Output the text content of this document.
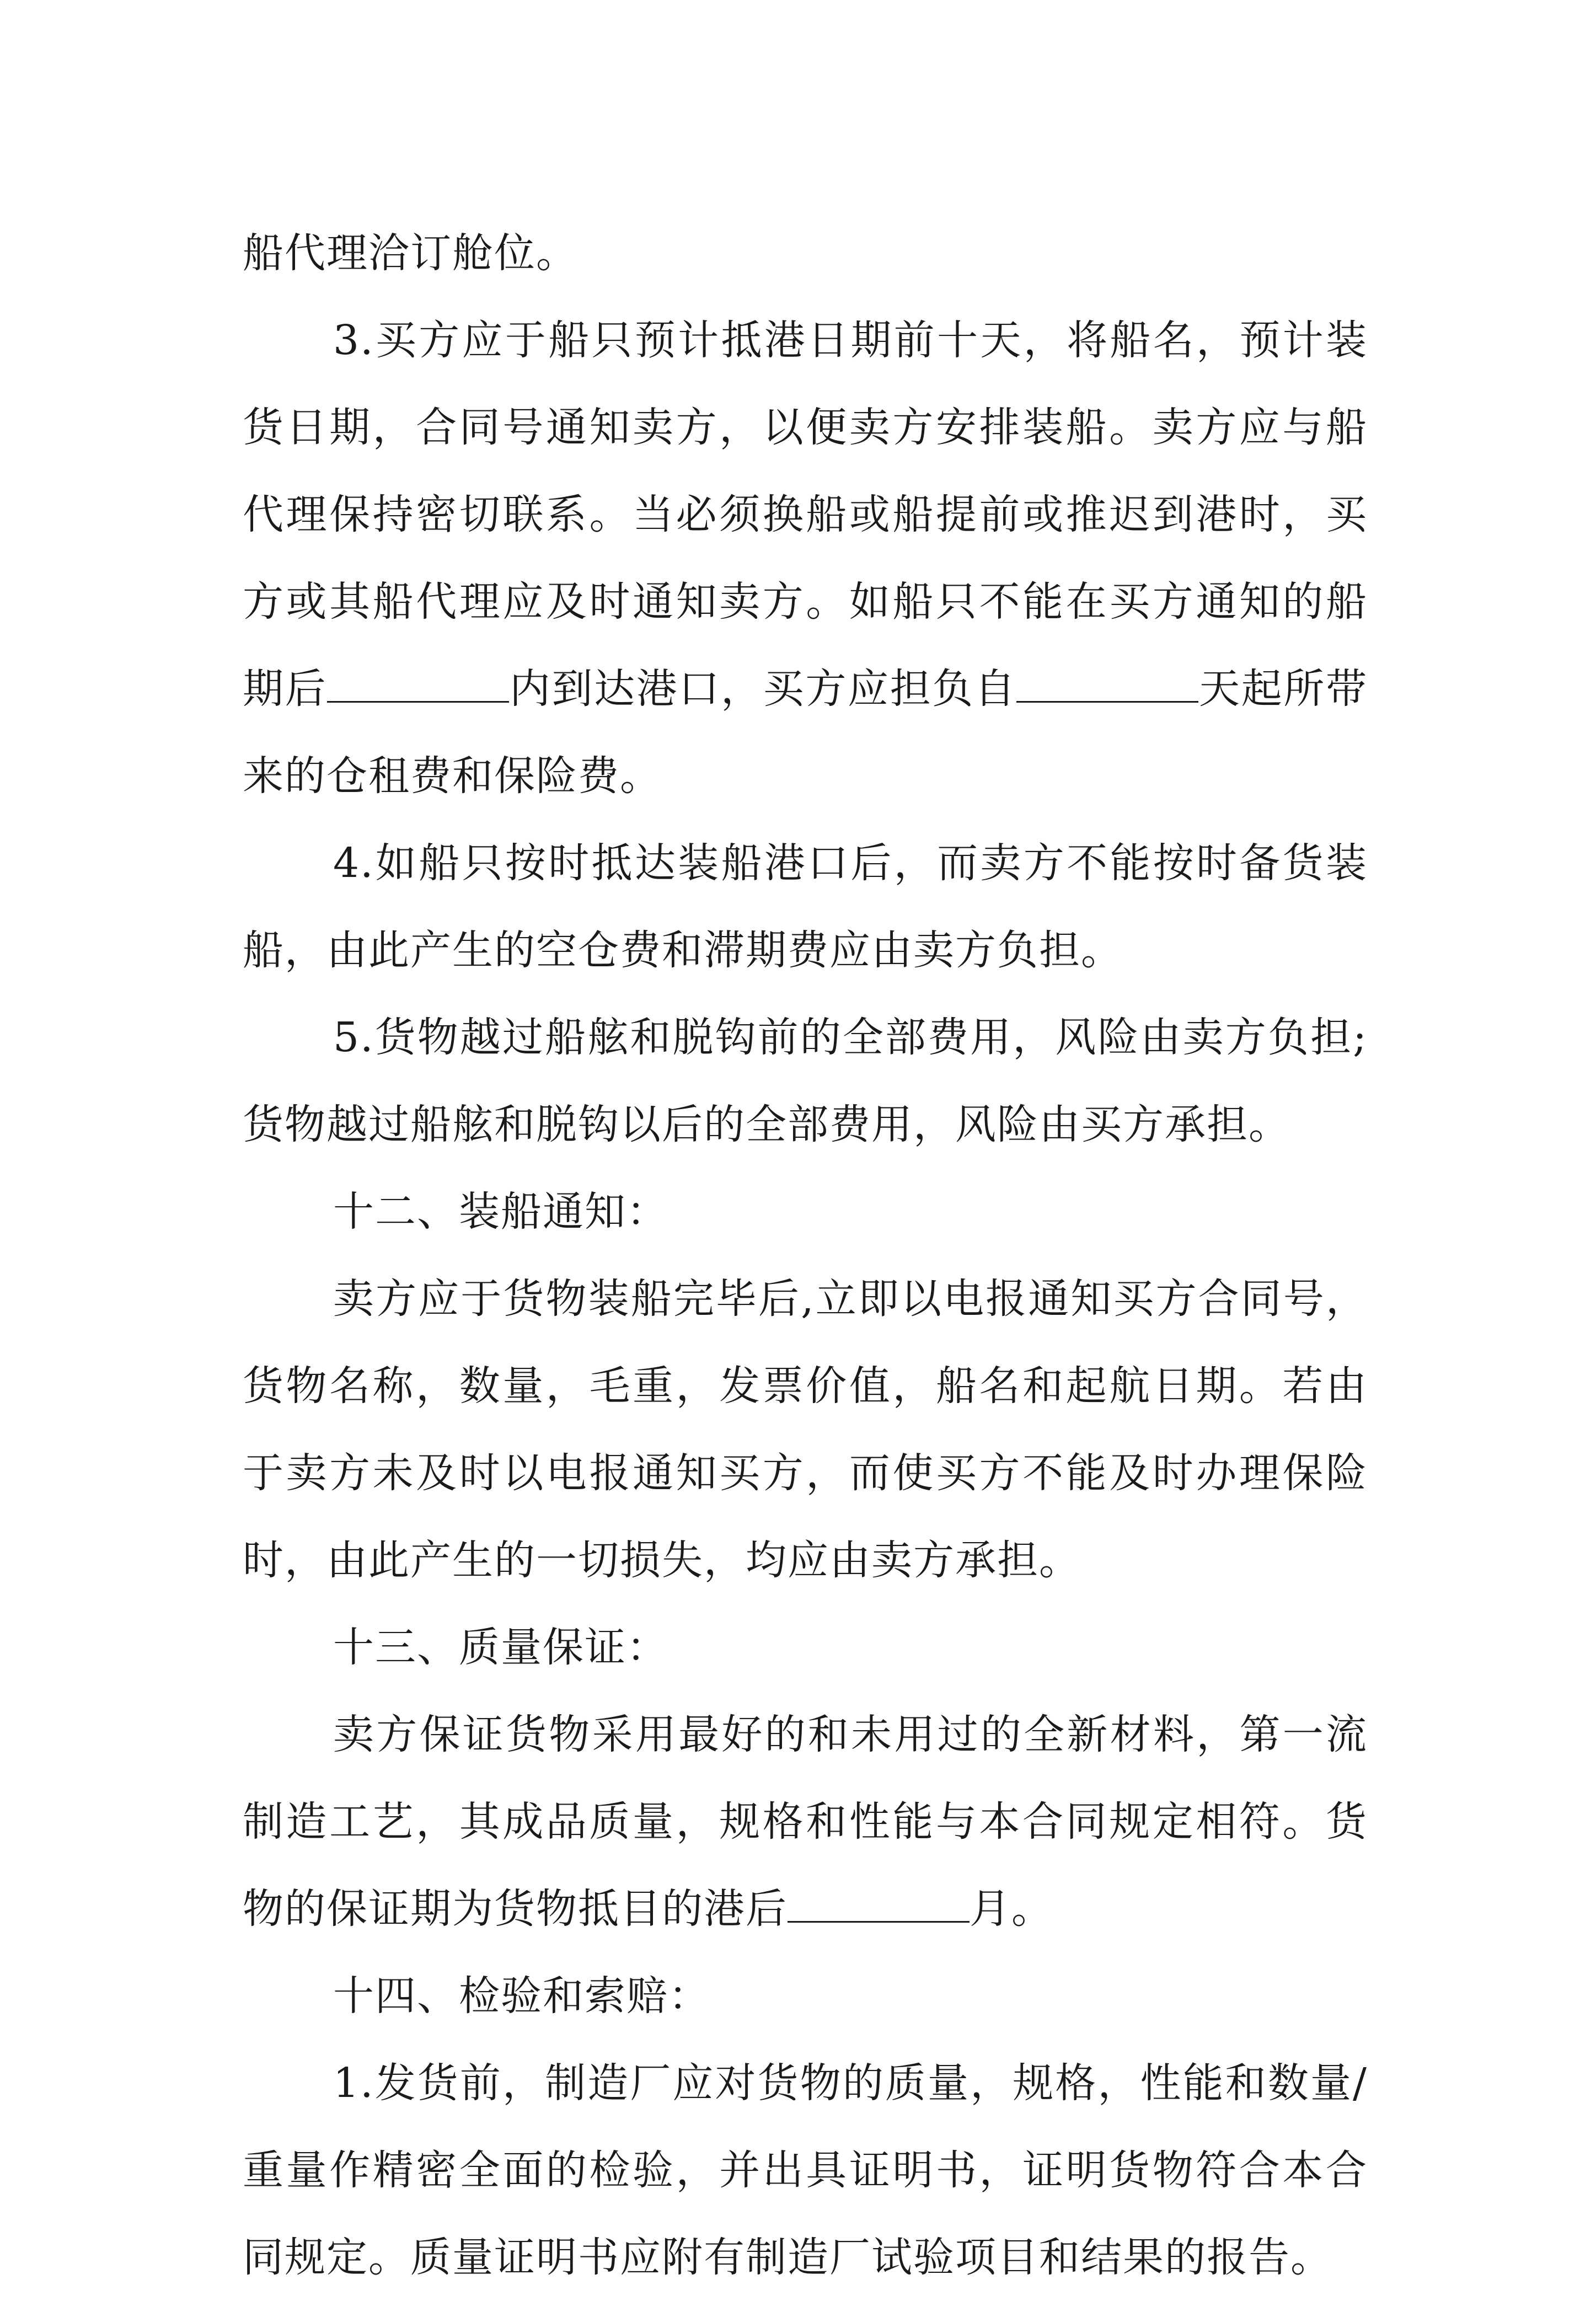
船代理洽订舱位。

3.买方应于船只预计抵港日期前十天，将船名，预计装货日期，合同号通知卖方，以便卖方安排装船。卖方应与船代理保持密切联系。当必须换船或船提前或推迟到港时，买方或其船代理应及时通知卖方。如船只不能在买方通知的船期后	内到达港口，买方应担负自	天起所带来的仓租费和保险费。

4.如船只按时抵达装船港口后，而卖方不能按时备货装船，由此产生的空仓费和滞期费应由卖方负担。

5.货物越过船舷和脱钩前的全部费用，风险由卖方负担;货物越过船舷和脱钩以后的全部费用，风险由买方承担。

十二、装船通知：

卖方应于货物装船完毕后,立即以电报通知买方合同号，货物名称，数量，毛重，发票价值，船名和起航日期。若由于卖方未及时以电报通知买方，而使买方不能及时办理保险时，由此产生的一切损失，均应由卖方承担。

十三、质量保证：

卖方保证货物采用最好的和未用过的全新材料，第一流制造工艺，其成品质量，规格和性能与本合同规定相符。货物的保证期为货物抵目的港后	月。

十四、检验和索赔：

1.发货前，制造厂应对货物的质量，规格，性能和数量/重量作精密全面的检验，并出具证明书，证明货物符合本合同规定。质量证明书应附有制造厂试验项目和结果的报告。
